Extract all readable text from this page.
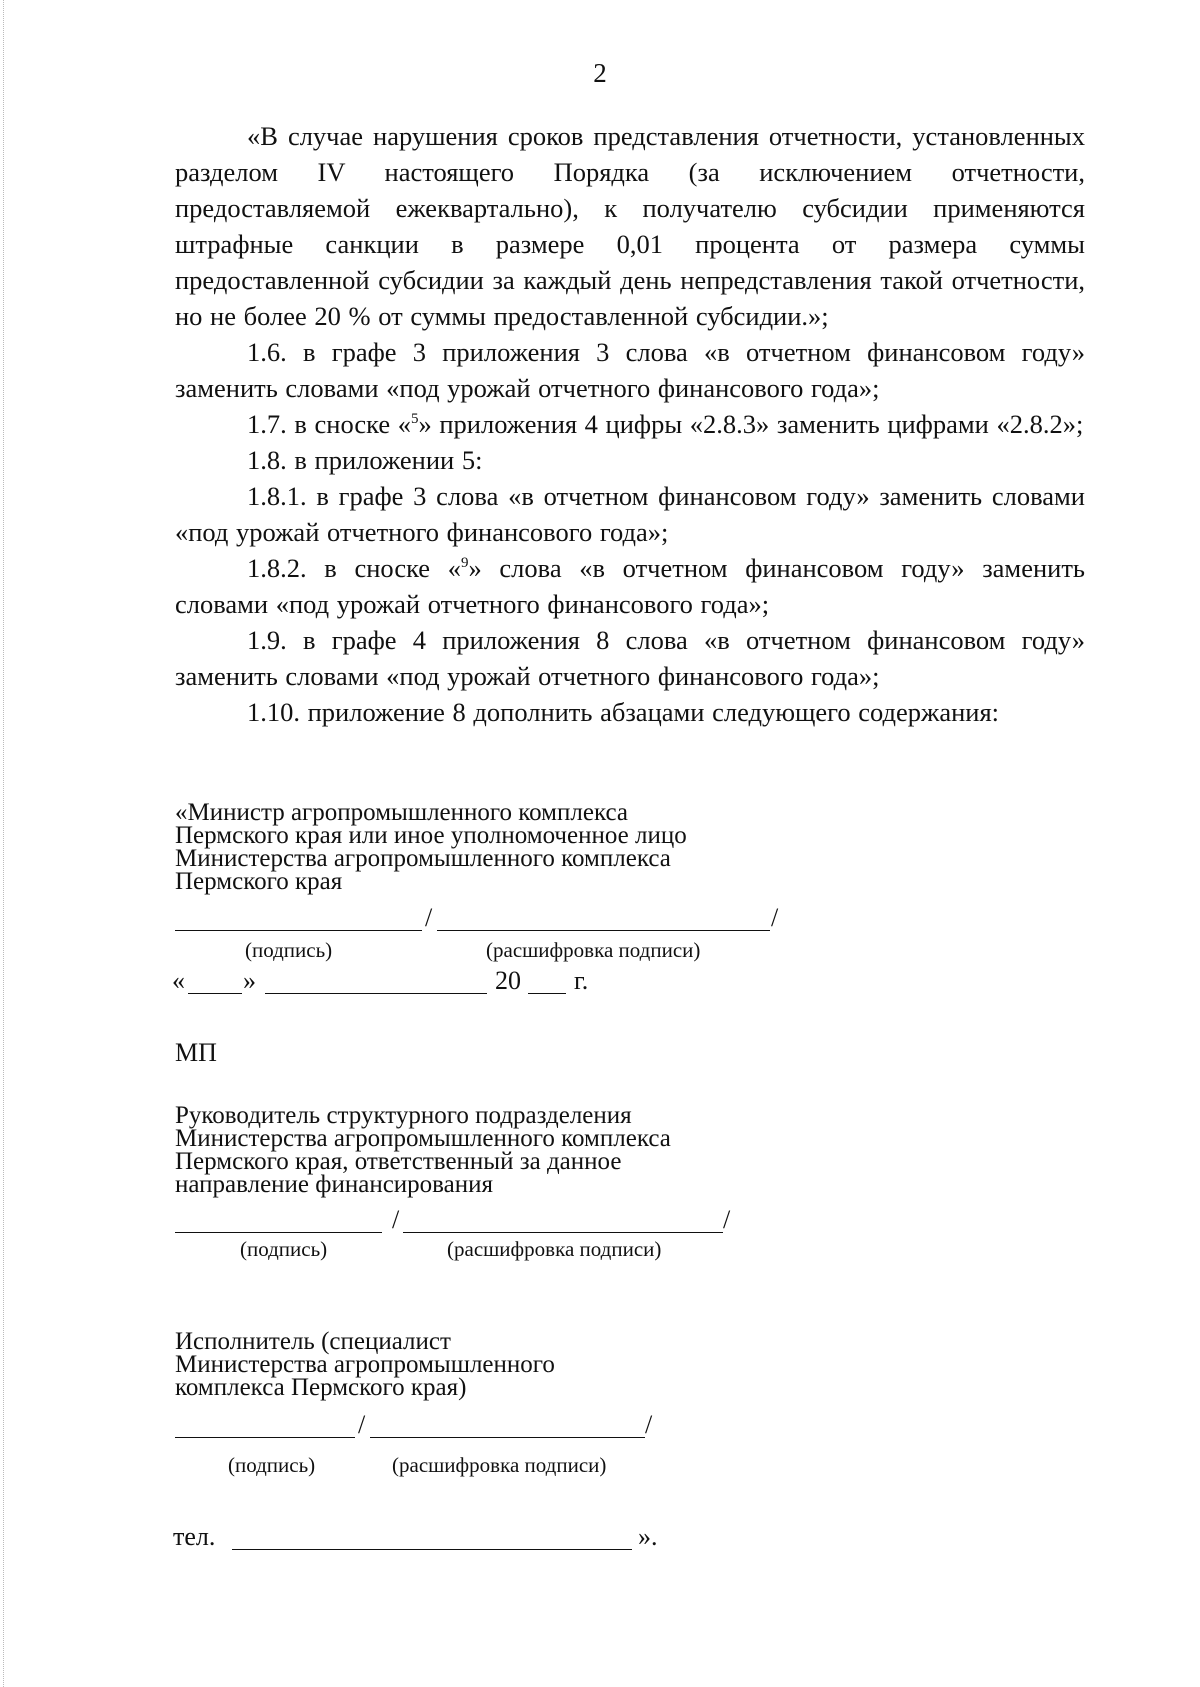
2

«В случае нарушения сроков представления отчетности, установленных разделом IV настоящего Порядка (за исключением отчетности, предоставляемой ежеквартально), к получателю субсидии применяются штрафные санкции в размере 0,01 процента от размера суммы предоставленной субсидии за каждый день непредставления такой отчетности, но не более 20 % от суммы предоставленной субсидии.»;

1.6. в графе 3 приложения 3 слова «в отчетном финансовом году» заменить словами «под урожай отчетного финансового года»;

1.7. в сноске «$^5$» приложения 4 цифры «2.8.3» заменить цифрами «2.8.2»;

1.8. в приложении 5:

1.8.1. в графе 3 слова «в отчетном финансовом году» заменить словами «под урожай отчетного финансового года»;

1.8.2. в сноске «$^9$» слова «в отчетном финансовом году» заменить словами «под урожай отчетного финансового года»;

1.9. в графе 4 приложения 8 слова «в отчетном финансовом году» заменить словами «под урожай отчетного финансового года»;

1.10. приложение 8 дополнить абзацами следующего содержания:

«Министр агропромышленного комплекса
Пермского края или иное уполномоченное лицо
Министерства агропромышленного комплекса
Пермского края

/	/
(подпись)	(расшифровка подписи)
« »	20 г.
МП

Руководитель структурного подразделения
Министерства агропромышленного комплекса
Пермского края, ответственный за данное
направление финансирования

/	/
(подпись)	(расшифровка подписи)

Исполнитель (специалист
Министерства агропромышленного
комплекса Пермского края)

/	/
(подпись)	(расшифровка подписи)
тел.	».
